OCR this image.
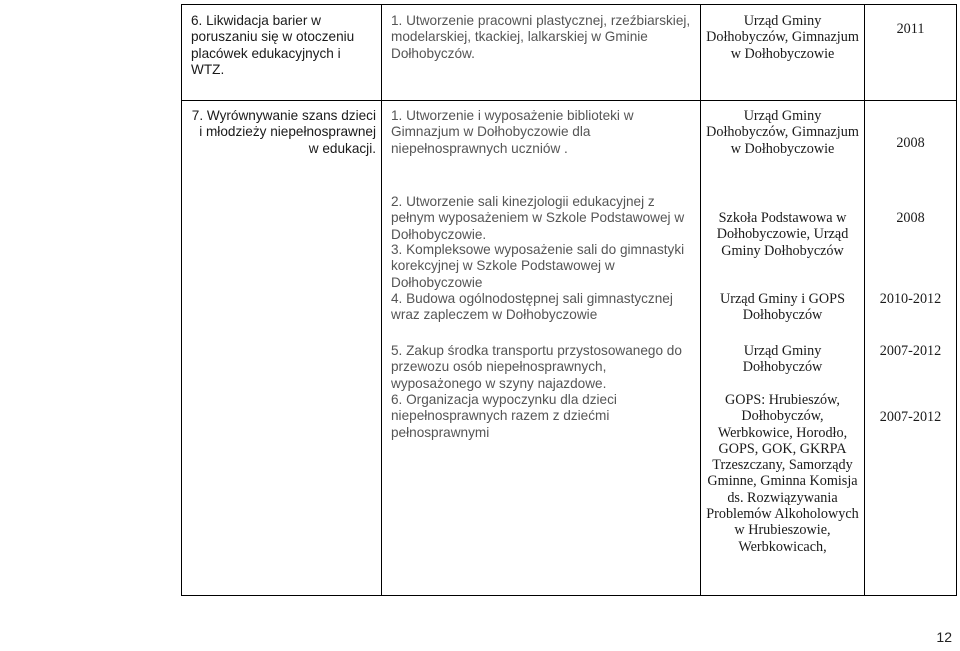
6. Likwidacja barier w poruszaniu się w otoczeniu placówek edukacyjnych i WTZ.
1. Utworzenie pracowni plastycznej, rzeźbiarskiej, modelarskiej, tkackiej, lalkarskiej w Gminie Dołhobyczów.
Urząd Gminy Dołhobyczów, Gimnazjum w Dołhobyczowie
2011
7. Wyrównywanie szans dzieci i młodzieży niepełnosprawnej w edukacji.
1. Utworzenie i wyposażenie biblioteki w Gimnazjum w Dołhobyczowie dla niepełnosprawnych uczniów .
Urząd Gminy Dołhobyczów, Gimnazjum w Dołhobyczowie	2008
2. Utworzenie sali kinezjologii edukacyjnej z pełnym wyposażeniem w Szkole Podstawowej w Dołhobyczowie.
3. Kompleksowe wyposażenie sali do gimnastyki korekcyjnej w Szkole Podstawowej w Dołhobyczowie
4. Budowa ogólnodostępnej sali gimnastycznej wraz zapleczem w Dołhobyczowie
Szkoła Podstawowa w Dołhobyczowie, Urząd Gminy Dołhobyczów
Urząd Gminy i GOPS Dołhobyczów
2008
2010-2012
5. Zakup środka transportu przystosowanego do przewozu osób niepełnosprawnych, wyposażonego w szyny najazdowe.
6. Organizacja wypoczynku dla dzieci niepełnosprawnych razem z dziećmi pełnosprawnymi
Urząd Gminy Dołhobyczów
GOPS: Hrubieszów, Dołhobyczów, Werbkowice, Horodło, GOPS, GOK, GKRPA Trzeszczany, Samorządy Gminne, Gminna Komisja ds. Rozwiązywania Problemów Alkoholowych w Hrubieszowie, Werbkowicach,
2007-2012
2007-2012
12
